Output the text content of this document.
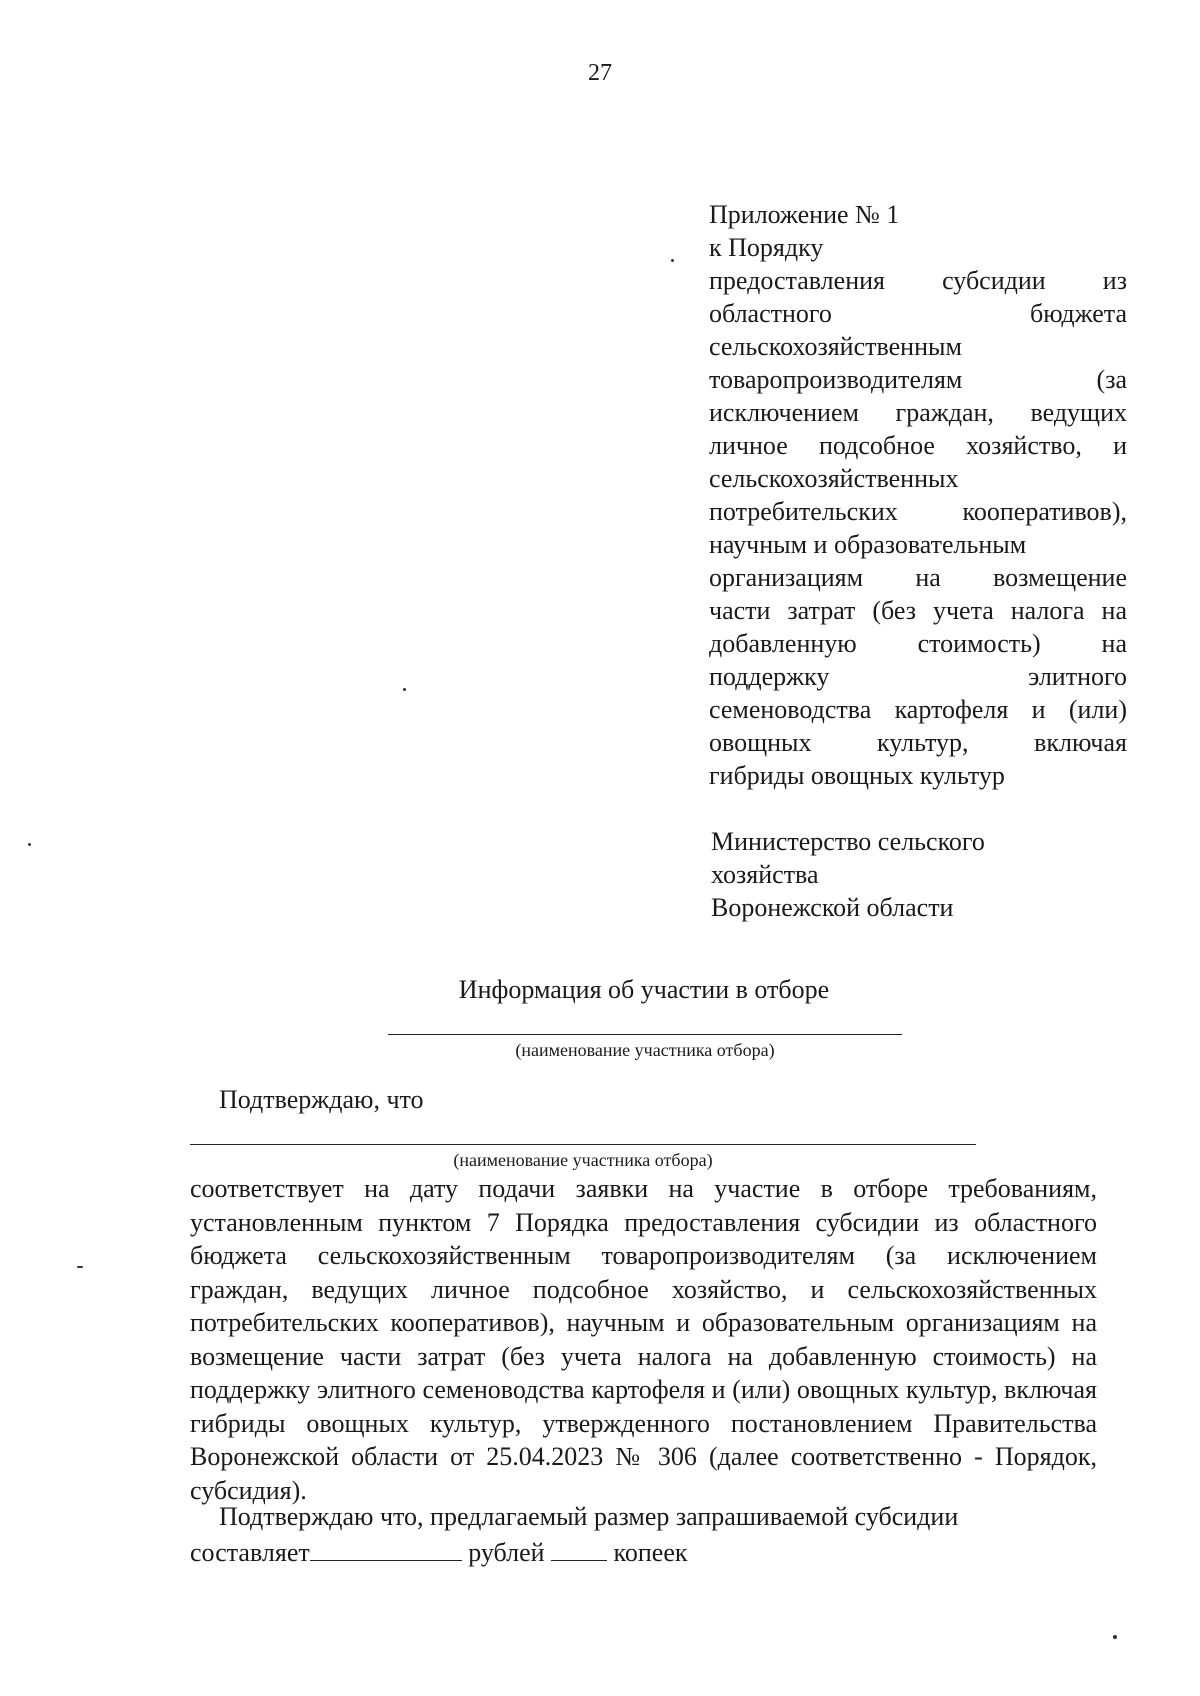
27
Приложение № 1
к Порядку
предоставления субсидии из
областного бюджета
сельскохозяйственным
товаропроизводителям (за
исключением граждан, ведущих
личное подсобное хозяйство, и
сельскохозяйственных
потребительских кооперативов),
научным и образовательным
организациям на возмещение
части затрат (без учета налога на
добавленную стоимость) на
поддержку элитного
семеноводства картофеля и (или)
овощных культур, включая
гибриды овощных культур
Министерство сельского
хозяйства
Воронежской области
Информация об участии в отборе
(наименование участника отбора)
Подтверждаю, что
(наименование участника отбора)

соответствует на дату подачи заявки на участие в отборе требованиям, установленным пунктом 7 Порядка предоставления субсидии из областного бюджета сельскохозяйственным товаропроизводителям (за исключением граждан, ведущих личное подсобное хозяйство, и сельскохозяйственных потребительских кооперативов), научным и образовательным организациям на возмещение части затрат (без учета налога на добавленную стоимость) на поддержку элитного семеноводства картофеля и (или) овощных культур, включая гибриды овощных культур, утвержденного постановлением Правительства Воронежской области от 25.04.2023 № 306 (далее соответственно - Порядок, субсидия).

Подтверждаю что, предлагаемый размер запрашиваемой субсидии

составляет	рублей	копеек
